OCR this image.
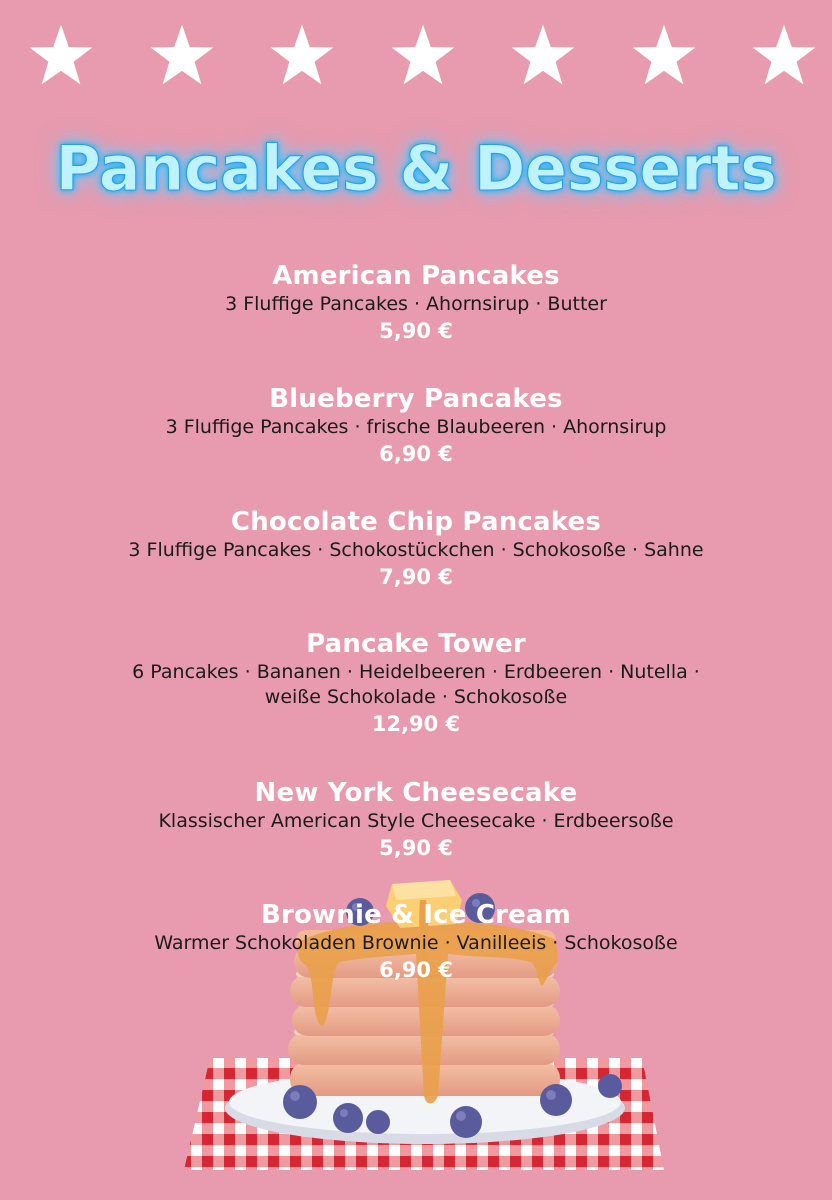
Pancakes & Desserts
American Pancakes
3 Fluffige Pancakes · Ahornsirup · Butter
5,90 €
Blueberry Pancakes
3 Fluffige Pancakes · frische Blaubeeren · Ahornsirup
6,90 €
Chocolate Chip Pancakes
3 Fluffige Pancakes · Schokostückchen · Schokosoße · Sahne
7,90 €
Pancake Tower
6 Pancakes · Bananen · Heidelbeeren · Erdbeeren · Nutella ·
weiße Schokolade · Schokosoße
12,90 €
New York Cheesecake
Klassischer American Style Cheesecake · Erdbeersoße
5,90 €
Brownie & Ice Cream
Warmer Schokoladen Brownie · Vanilleeis · Schokosoße
6,90 €
